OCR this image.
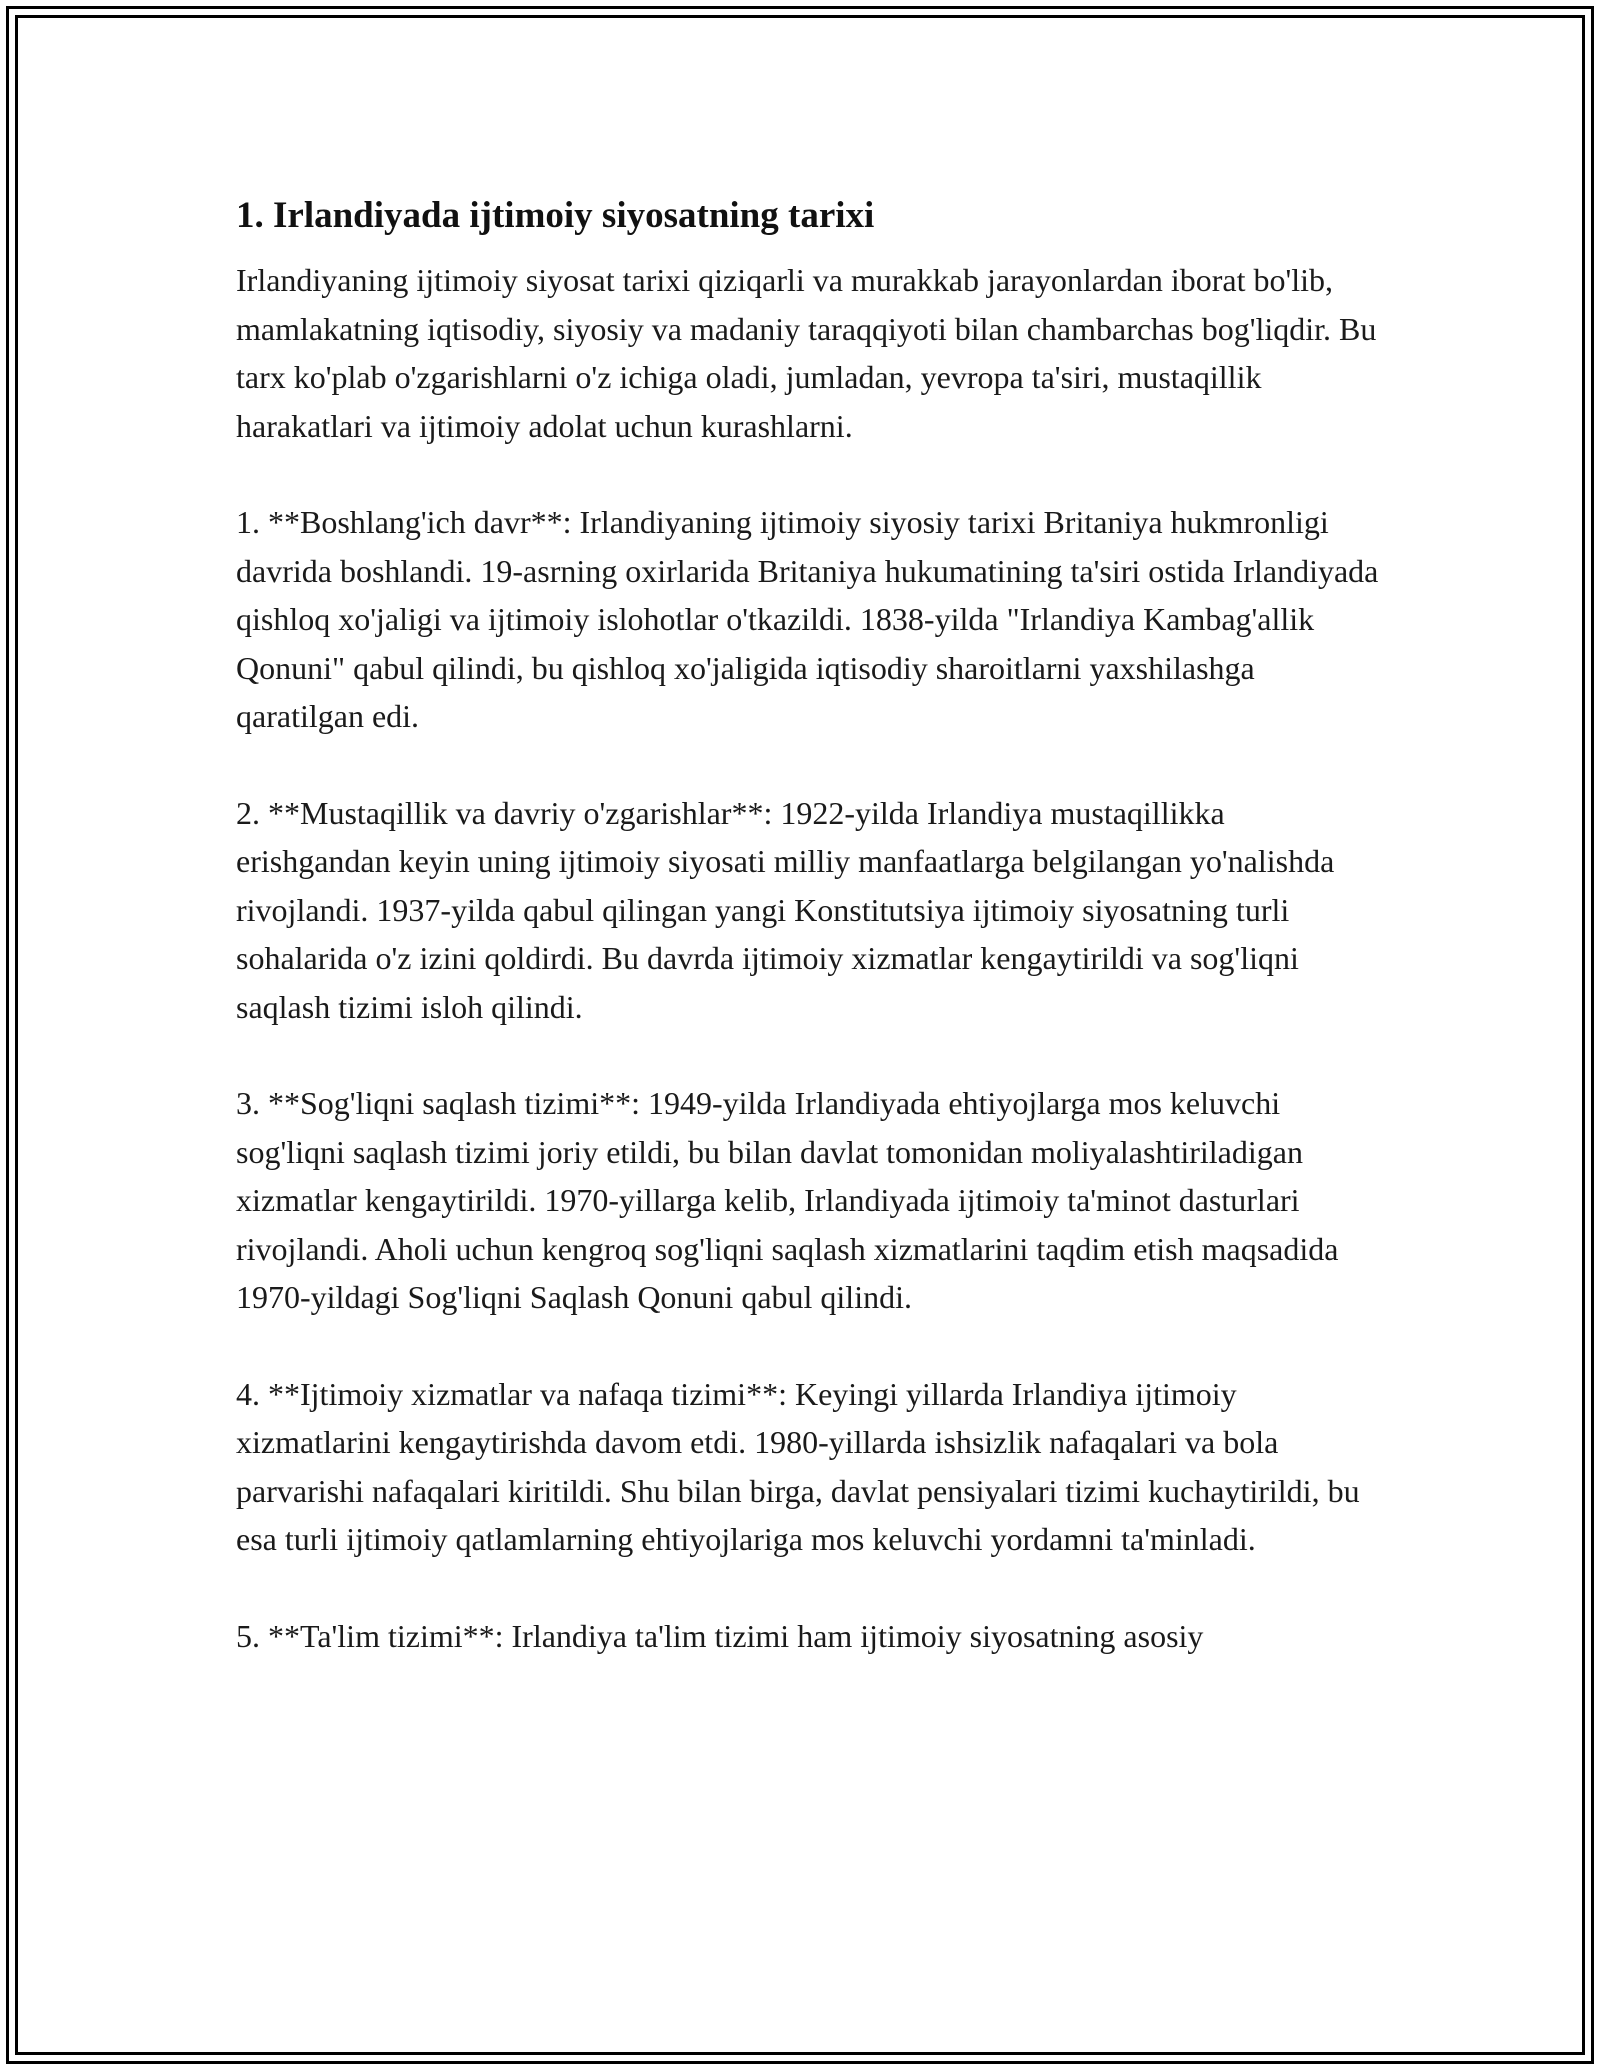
1. Irlandiyada ijtimoiy siyosatning tarixi

Irlandiyaning ijtimoiy siyosat tarixi qiziqarli va murakkab jarayonlardan iborat bo'lib, mamlakatning iqtisodiy, siyosiy va madaniy taraqqiyoti bilan chambarchas bog'liqdir. Bu tarx ko'plab o'zgarishlarni o'z ichiga oladi, jumladan, yevropa ta'siri, mustaqillik harakatlari va ijtimoiy adolat uchun kurashlarni.

1. **Boshlang'ich davr**: Irlandiyaning ijtimoiy siyosiy tarixi Britaniya hukmronligi davrida boshlandi. 19-asrning oxirlarida Britaniya hukumatining ta'siri ostida Irlandiyada qishloq xo'jaligi va ijtimoiy islohotlar o'tkazildi. 1838-yilda "Irlandiya Kambag'allik Qonuni" qabul qilindi, bu qishloq xo'jaligida iqtisodiy sharoitlarni yaxshilashga qaratilgan edi.

2. **Mustaqillik va davriy o'zgarishlar**: 1922-yilda Irlandiya mustaqillikka erishgandan keyin uning ijtimoiy siyosati milliy manfaatlarga belgilangan yo'nalishda rivojlandi. 1937-yilda qabul qilingan yangi Konstitutsiya ijtimoiy siyosatning turli sohalarida o'z izini qoldirdi. Bu davrda ijtimoiy xizmatlar kengaytirildi va sog'liqni saqlash tizimi isloh qilindi.

3. **Sog'liqni saqlash tizimi**: 1949-yilda Irlandiyada ehtiyojlarga mos keluvchi sog'liqni saqlash tizimi joriy etildi, bu bilan davlat tomonidan moliyalashtiriladigan xizmatlar kengaytirildi. 1970-yillarga kelib, Irlandiyada ijtimoiy ta'minot dasturlari rivojlandi. Aholi uchun kengroq sog'liqni saqlash xizmatlarini taqdim etish maqsadida 1970-yildagi Sog'liqni Saqlash Qonuni qabul qilindi.

4. **Ijtimoiy xizmatlar va nafaqa tizimi**: Keyingi yillarda Irlandiya ijtimoiy xizmatlarini kengaytirishda davom etdi. 1980-yillarda ishsizlik nafaqalari va bola parvarishi nafaqalari kiritildi. Shu bilan birga, davlat pensiyalari tizimi kuchaytirildi, bu esa turli ijtimoiy qatlamlarning ehtiyojlariga mos keluvchi yordamni ta'minladi.

5. **Ta'lim tizimi**: Irlandiya ta'lim tizimi ham ijtimoiy siyosatning asosiy
